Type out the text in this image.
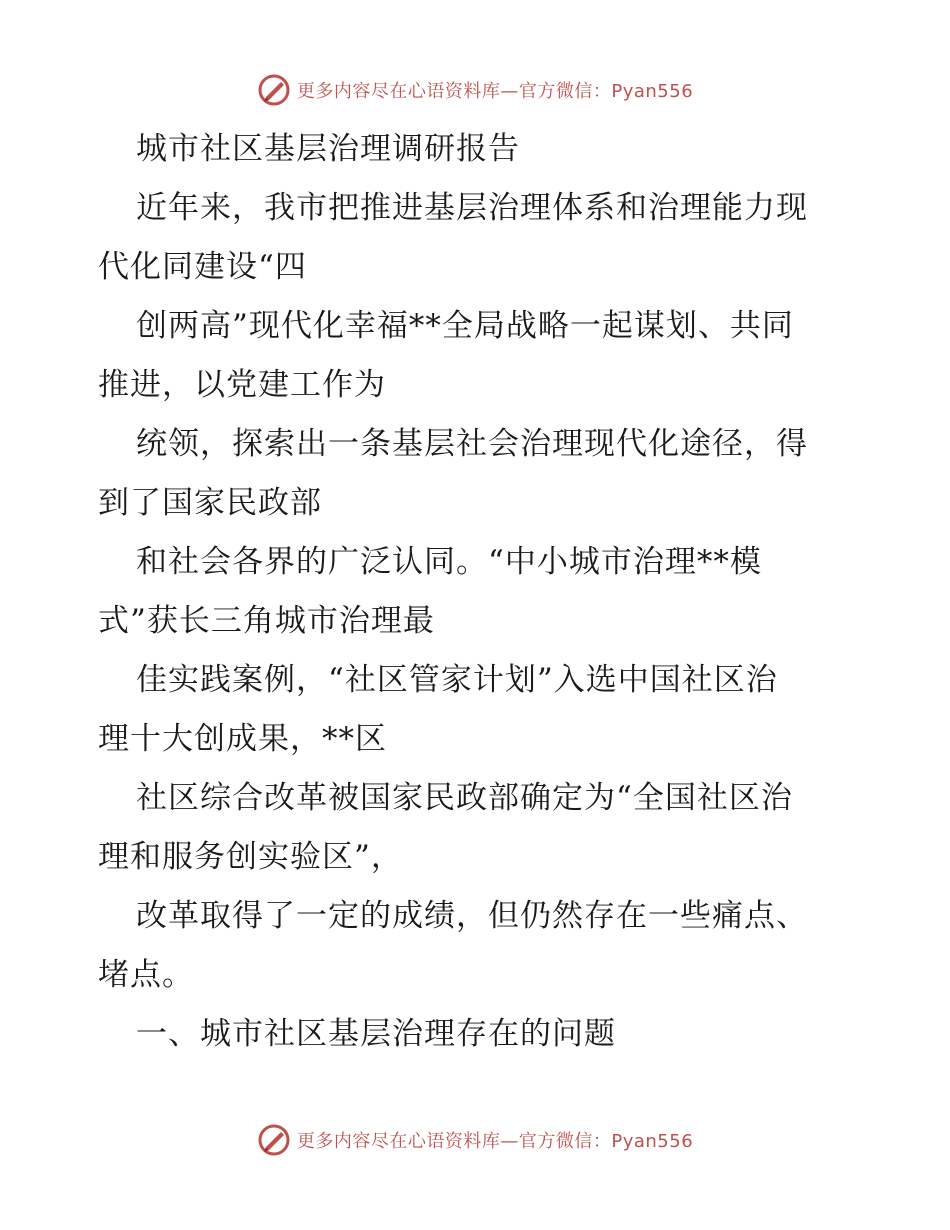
更多内容尽在心语资料库—官方微信：Pyan556
城市社区基层治理调研报告
近年来，我市把推进基层治理体系和治理能力现
代化同建设“四
创两高”现代化幸福**全局战略一起谋划、共同
推进，以党建工作为
统领，探索出一条基层社会治理现代化途径，得
到了国家民政部
和社会各界的广泛认同。“中小城市治理**模
式”获长三角城市治理最
佳实践案例，“社区管家计划”入选中国社区治
理十大创成果，**区
社区综合改革被国家民政部确定为“全国社区治
理和服务创实验区”，
改革取得了一定的成绩，但仍然存在一些痛点、
堵点。
一、城市社区基层治理存在的问题
更多内容尽在心语资料库—官方微信：Pyan556
